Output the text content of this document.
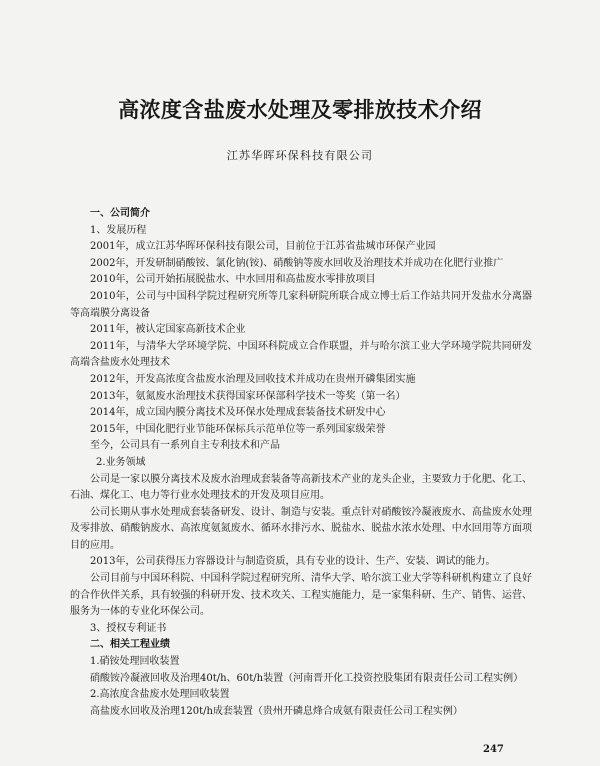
高浓度含盐废水处理及零排放技术介绍

江苏华晖环保科技有限公司

一、公司简介

1、发展历程

2001年，成立江苏华晖环保科技有限公司，目前位于江苏省盐城市环保产业园

2002年，开发研制硝酸铵、氯化钠(铵)、硝酸钠等废水回收及治理技术并成功在化肥行业推广

2010年，公司开始拓展脱盐水、中水回用和高盐废水零排放项目

2010年，公司与中国科学院过程研究所等几家科研院所联合成立博士后工作站共同开发盐水分离器等高端膜分离设备

2011年，被认定国家高新技术企业

2011年，与清华大学环境学院、中国环科院成立合作联盟，并与哈尔滨工业大学环境学院共同研发高端含盐废水处理技术

2012年，开发高浓度含盐废水治理及回收技术并成功在贵州开磷集团实施

2013年，氨氮废水治理技术获得国家环保部科学技术一等奖（第一名）

2014年，成立国内膜分离技术及环保水处理成套装备技术研发中心

2015年，中国化肥行业节能环保标兵示范单位等一系列国家级荣誉

至今，公司具有一系列自主专利技术和产品

2.业务领域

公司是一家以膜分离技术及废水治理成套装备等高新技术产业的龙头企业，主要致力于化肥、化工、石油、煤化工、电力等行业水处理技术的开发及项目应用。

公司长期从事水处理成套装备研发、设计、制造与安装。重点针对硝酸铵冷凝液废水、高盐废水处理及零排放、硝酸钠废水、高浓度氨氮废水、循环水排污水、脱盐水、脱盐水浓水处理、中水回用等方面项目的应用。

2013年，公司获得压力容器设计与制造资质，具有专业的设计、生产、安装、调试的能力。

公司目前与中国环科院、中国科学院过程研究所、清华大学、哈尔滨工业大学等科研机构建立了良好的合作伙伴关系，具有较强的科研开发、技术攻关、工程实施能力，是一家集科研、生产、销售、运营、服务为一体的专业化环保公司。

3、授权专利证书

二、相关工程业绩

1.硝铵处理回收装置

硝酸铵冷凝液回收及治理40t/h、60t/h装置（河南晋开化工投资控股集团有限责任公司工程实例）

2.高浓度含盐废水处理回收装置

高盐废水回收及治理120t/h成套装置（贵州开磷息烽合成氨有限责任公司工程实例）

247
